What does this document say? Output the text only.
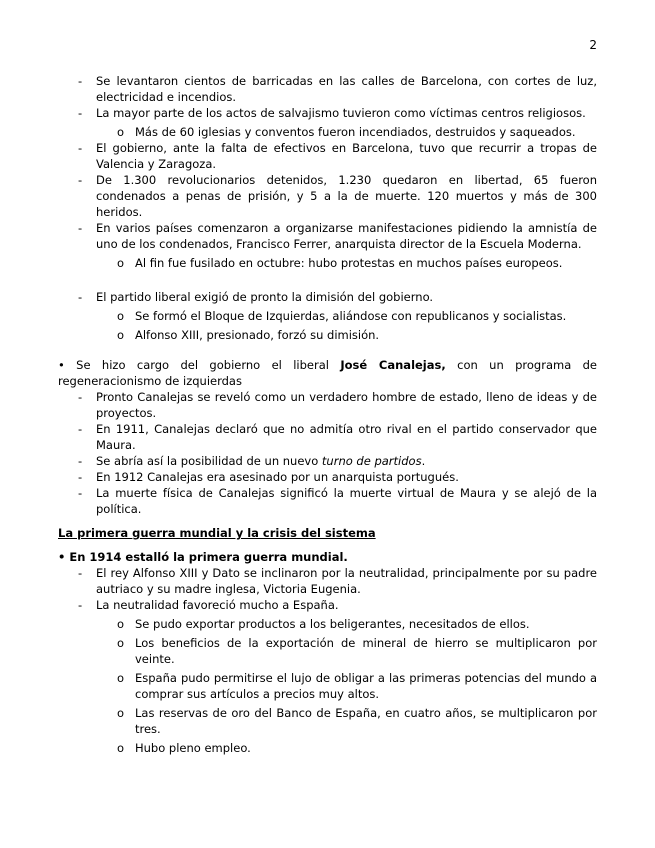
2
- Se levantaron cientos de barricadas en las calles de Barcelona, con cortes de luz, electricidad e incendios.
- La mayor parte de los actos de salvajismo tuvieron como víctimas centros religiosos.
o Más de 60 iglesias y conventos fueron incendiados, destruidos y saqueados.
- El gobierno, ante la falta de efectivos en Barcelona, tuvo que recurrir a tropas de Valencia y Zaragoza.
- De 1.300 revolucionarios detenidos, 1.230 quedaron en libertad, 65 fueron condenados a penas de prisión, y 5 a la de muerte. 120 muertos y más de 300 heridos.
- En varios países comenzaron a organizarse manifestaciones pidiendo la amnistía de uno de los condenados, Francisco Ferrer, anarquista director de la Escuela Moderna.
o Al fin fue fusilado en octubre: hubo protestas en muchos países europeos.
- El partido liberal exigió de pronto la dimisión del gobierno.
o Se formó el Bloque de Izquierdas, aliándose con republicanos y socialistas.
o Alfonso XIII, presionado, forzó su dimisión.
• Se hizo cargo del gobierno el liberal José Canalejas, con un programa de regeneracionismo de izquierdas
- Pronto Canalejas se reveló como un verdadero hombre de estado, lleno de ideas y de proyectos.
- En 1911, Canalejas declaró que no admitía otro rival en el partido conservador que Maura.
- Se abría así la posibilidad de un nuevo turno de partidos.
- En 1912 Canalejas era asesinado por un anarquista portugués.
- La muerte física de Canalejas significó la muerte virtual de Maura y se alejó de la política.
La primera guerra mundial y la crisis del sistema
• En 1914 estalló la primera guerra mundial.
- El rey Alfonso XIII y Dato se inclinaron por la neutralidad, principalmente por su padre autriaco y su madre inglesa, Victoria Eugenia.
- La neutralidad favoreció mucho a España.
o Se pudo exportar productos a los beligerantes, necesitados de ellos.
o Los beneficios de la exportación de mineral de hierro se multiplicaron por veinte.
o España pudo permitirse el lujo de obligar a las primeras potencias del mundo a comprar sus artículos a precios muy altos.
o Las reservas de oro del Banco de España, en cuatro años, se multiplicaron por tres.
o Hubo pleno empleo.
